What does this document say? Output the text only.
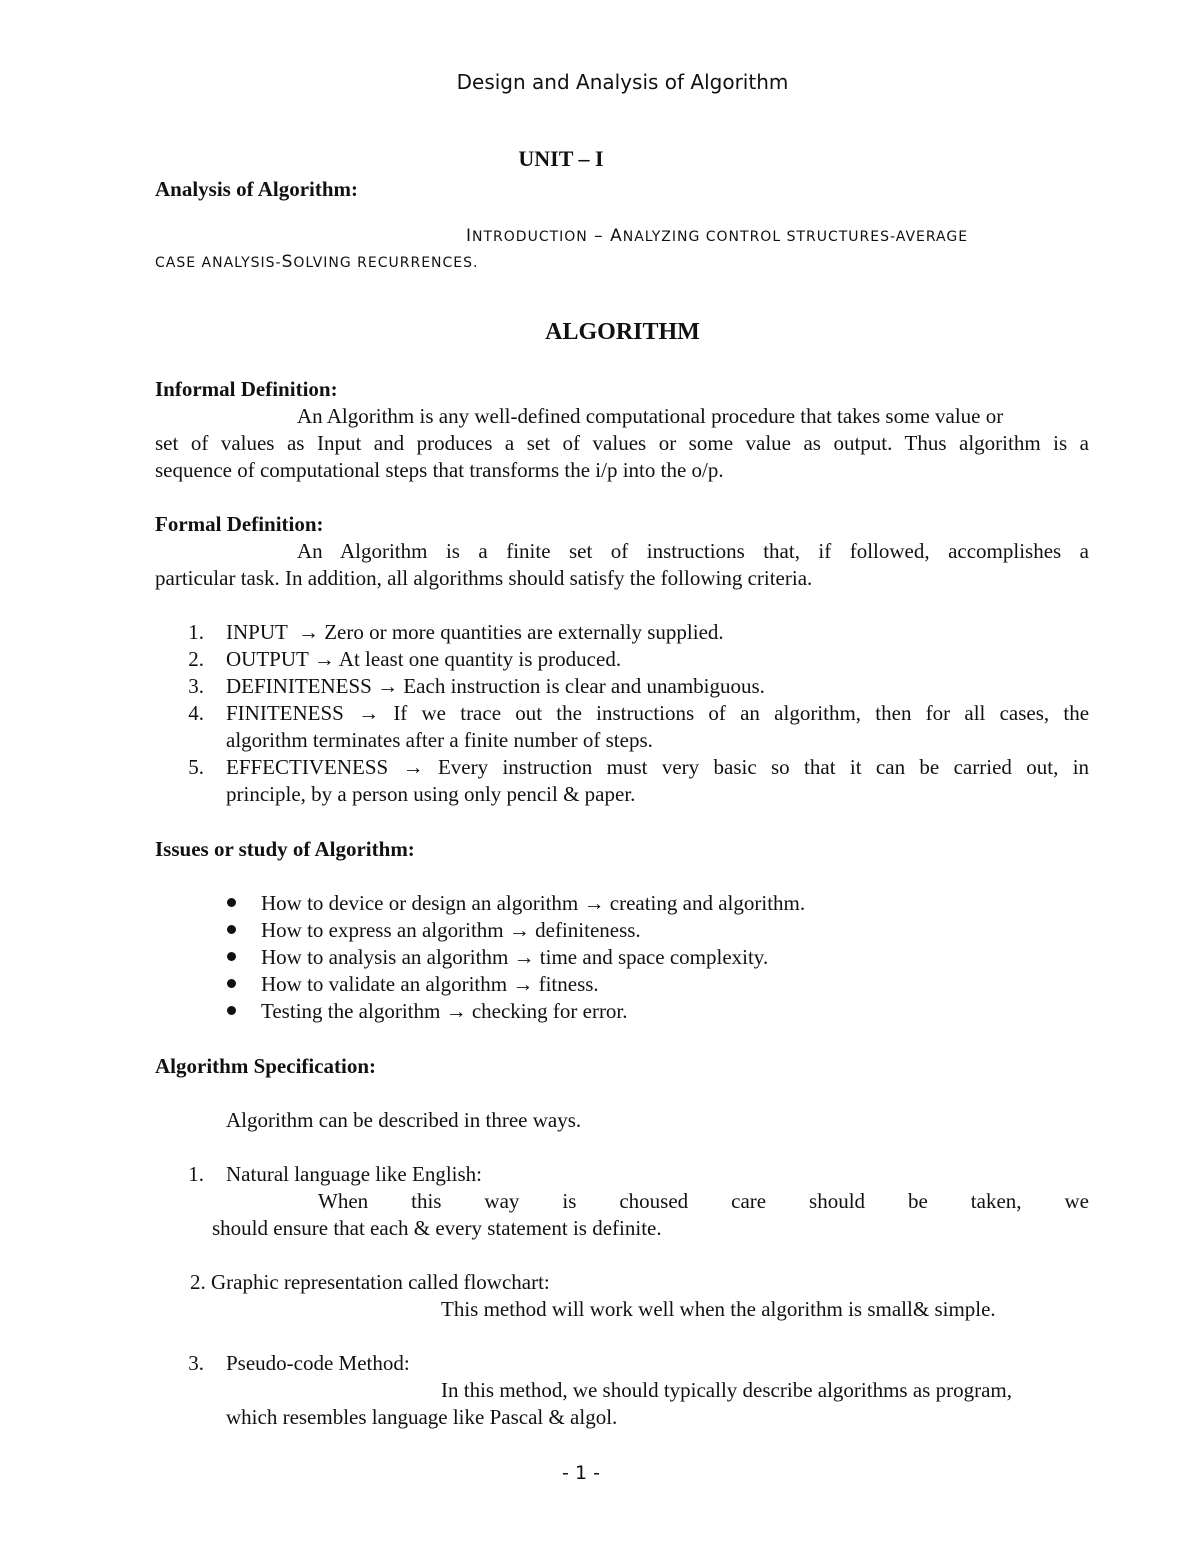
Design and Analysis of Algorithm
UNIT – I
Analysis of Algorithm:
INTRODUCTION – ANALYZING CONTROL STRUCTURES-AVERAGE
CASE ANALYSIS-SOLVING RECURRENCES.
ALGORITHM
Informal Definition:
An Algorithm is any well-defined computational procedure that takes some value or
set of values as Input and produces a set of values or some value as output. Thus algorithm is a
sequence of computational steps that transforms the i/p into the o/p.
Formal Definition:
An Algorithm is a finite set of instructions that, if followed, accomplishes a
particular task. In addition, all algorithms should satisfy the following criteria.
1. INPUT → Zero or more quantities are externally supplied.
2. OUTPUT → At least one quantity is produced.
3. DEFINITENESS → Each instruction is clear and unambiguous.
4. FINITENESS → If we trace out the instructions of an algorithm, then for all cases, the
algorithm terminates after a finite number of steps.
5. EFFECTIVENESS → Every instruction must very basic so that it can be carried out, in
principle, by a person using only pencil & paper.
Issues or study of Algorithm:
How to device or design an algorithm → creating and algorithm.
How to express an algorithm → definiteness.
How to analysis an algorithm → time and space complexity.
How to validate an algorithm → fitness.
Testing the algorithm → checking for error.
Algorithm Specification:
Algorithm can be described in three ways.
1. Natural language like English:
When this way is choused care should be taken, we
should ensure that each & every statement is definite.
2. Graphic representation called flowchart:
This method will work well when the algorithm is small& simple.
3. Pseudo-code Method:
In this method, we should typically describe algorithms as program,
which resembles language like Pascal & algol.
- 1 -
